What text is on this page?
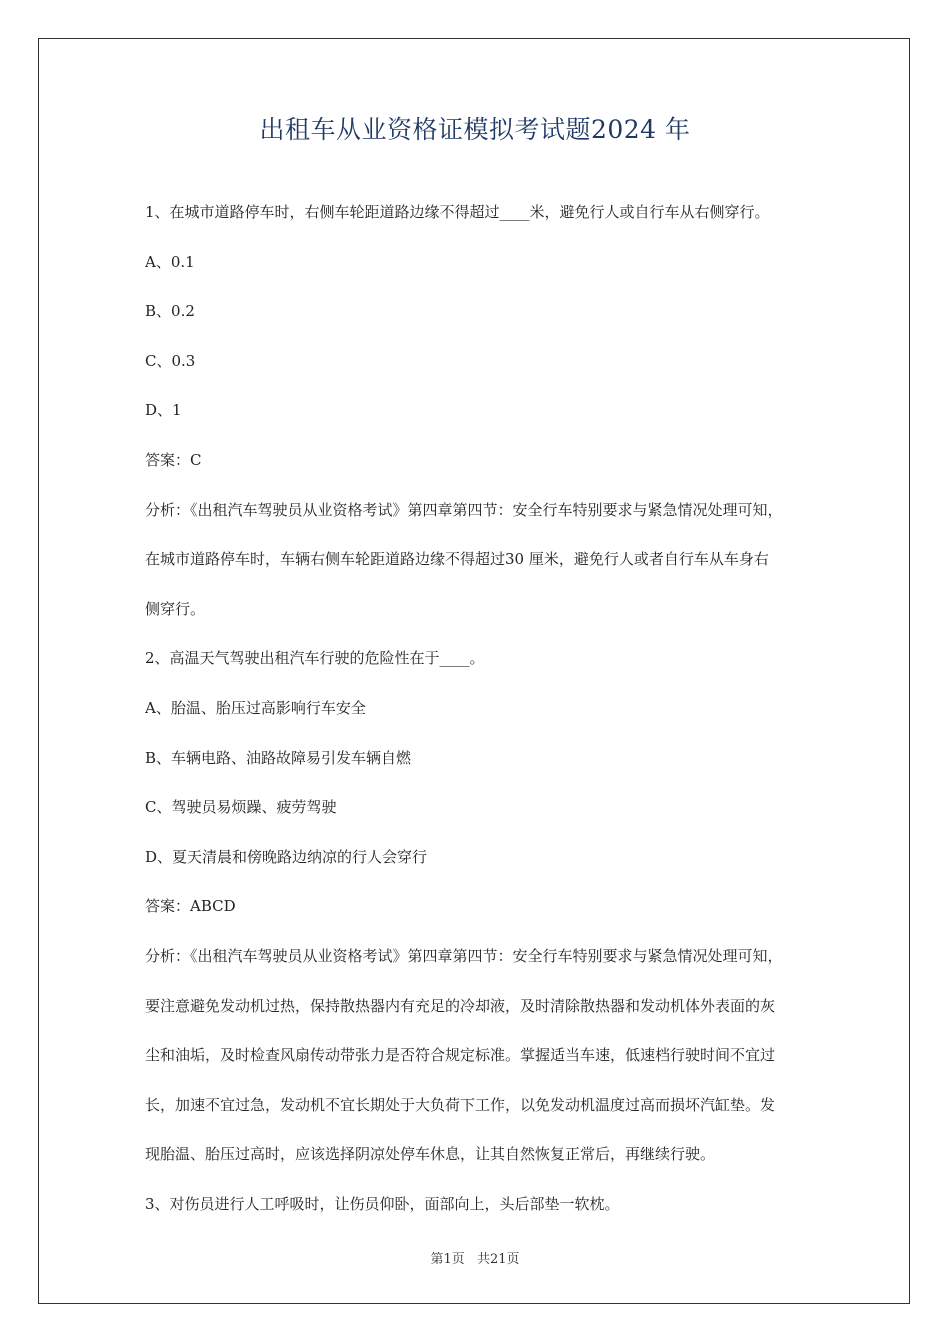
出租车从业资格证模拟考试题2024 年
1、在城市道路停车时，右侧车轮距道路边缘不得超过____米，避免行人或自行车从右侧穿行。
A、0.1
B、0.2
C、0.3
D、1
答案：C
分析：《出租汽车驾驶员从业资格考试》第四章第四节：安全行车特别要求与紧急情况处理可知，
在城市道路停车时，车辆右侧车轮距道路边缘不得超过30 厘米，避免行人或者自行车从车身右
侧穿行。
2、高温天气驾驶出租汽车行驶的危险性在于____。
A、胎温、胎压过高影响行车安全
B、车辆电路、油路故障易引发车辆自燃
C、驾驶员易烦躁、疲劳驾驶
D、夏天清晨和傍晚路边纳凉的行人会穿行
答案：ABCD
分析：《出租汽车驾驶员从业资格考试》第四章第四节：安全行车特别要求与紧急情况处理可知，
要注意避免发动机过热，保持散热器内有充足的冷却液，及时清除散热器和发动机体外表面的灰
尘和油垢，及时检查风扇传动带张力是否符合规定标准。掌握适当车速，低速档行驶时间不宜过
长，加速不宜过急，发动机不宜长期处于大负荷下工作，以免发动机温度过高而损坏汽缸垫。发
现胎温、胎压过高时，应该选择阴凉处停车休息，让其自然恢复正常后，再继续行驶。
3、对伤员进行人工呼吸时，让伤员仰卧，面部向上，头后部垫一软枕。
第1页 共21页
